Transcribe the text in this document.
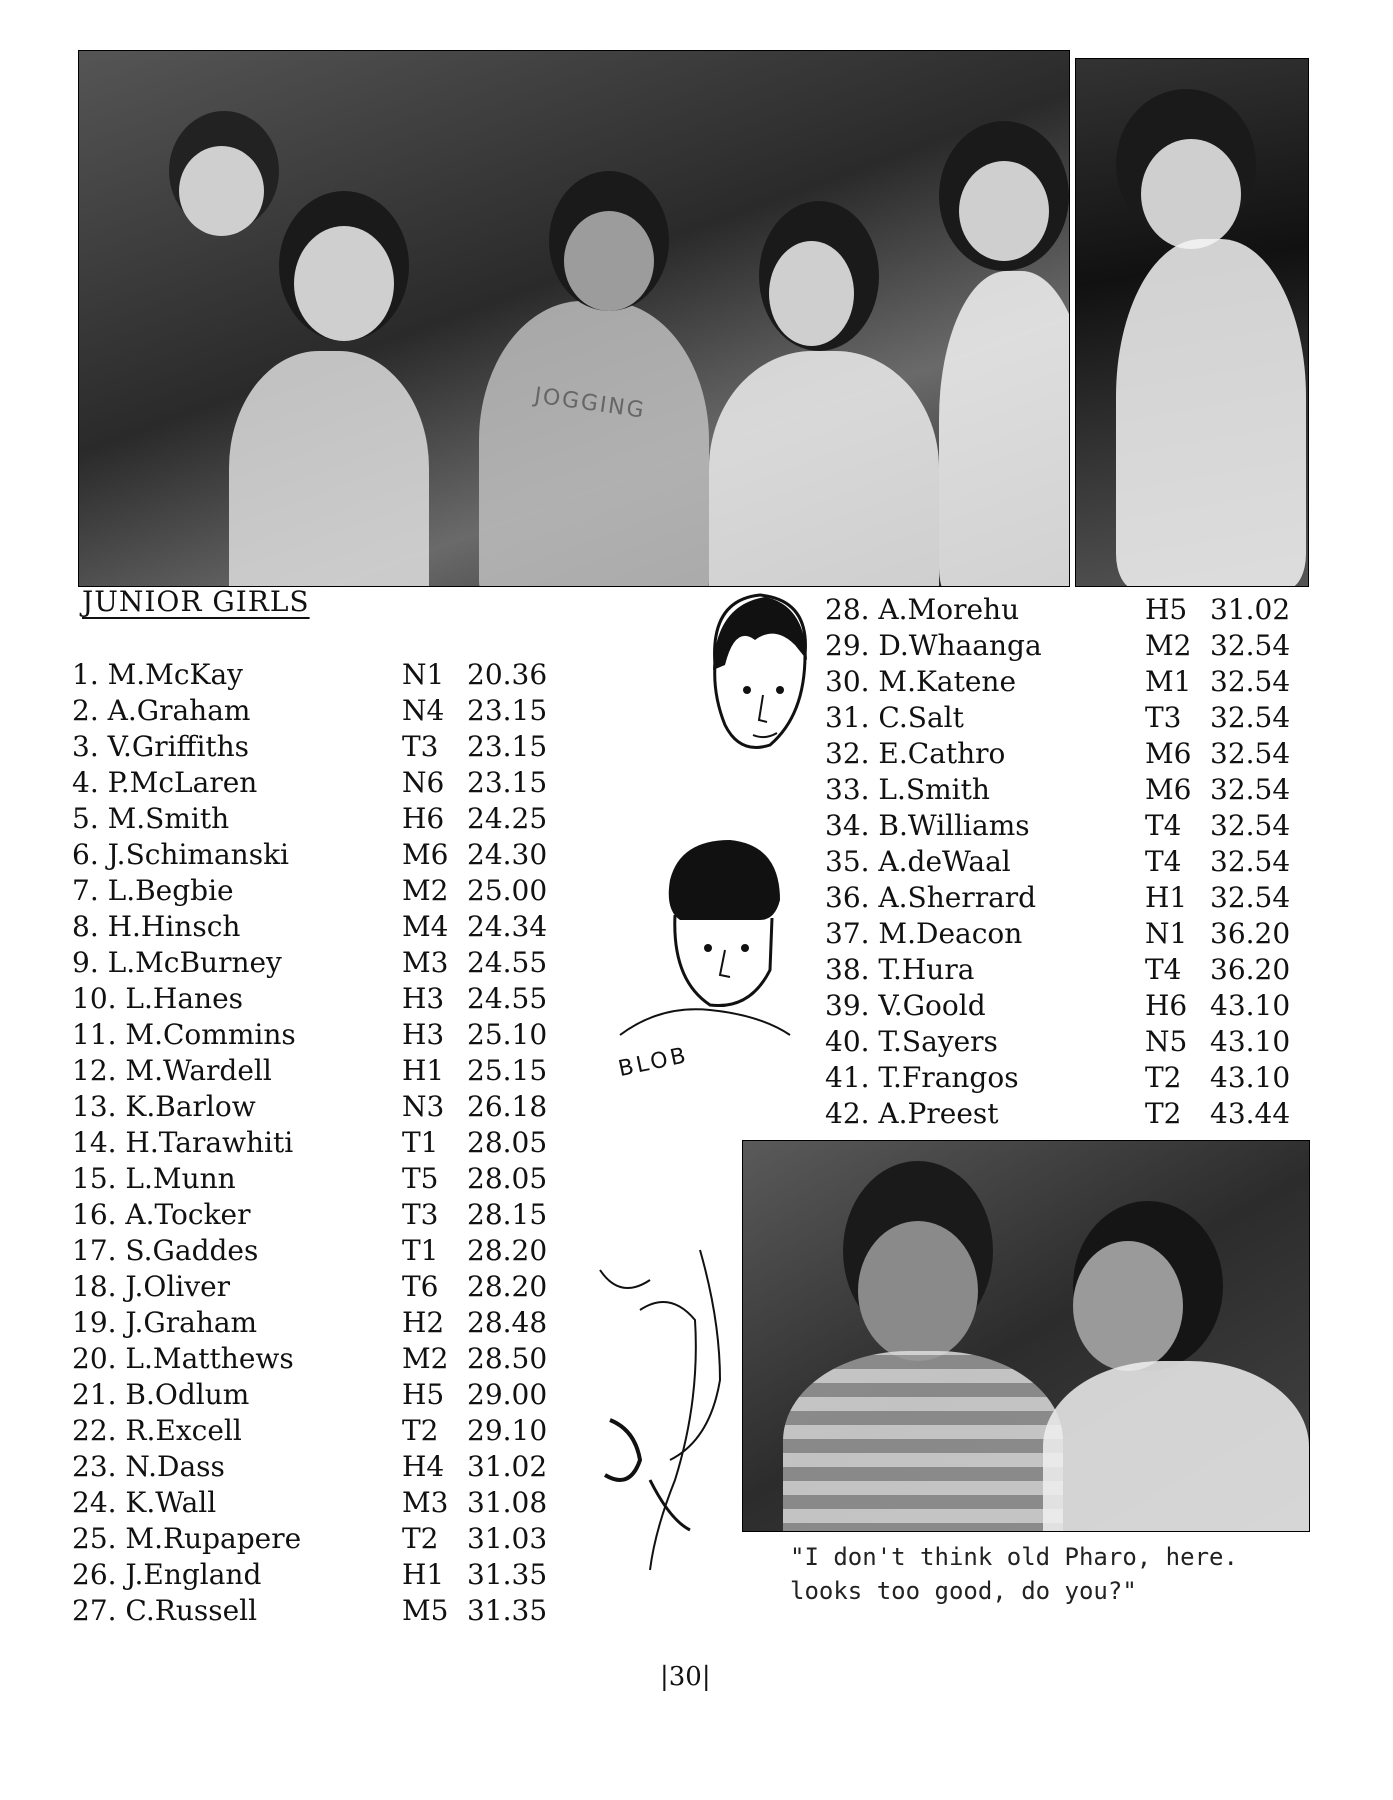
JOGGING
JUNIOR GIRLS
1. M.McKay	N1 20.36
2. A.Graham	N4 23.15
3. V.Griffiths	T3 23.15
4. P.McLaren	N6 23.15
5. M.Smith	H6 24.25
6. J.Schimanski	M6 24.30
7. L.Begbie	M2 25.00
8. H.Hinsch	M4 24.34
9. L.McBurney	M3 24.55
10. L.Hanes	H3 24.55
11. M.Commins	H3 25.10
12. M.Wardell	H1 25.15
13. K.Barlow	N3 26.18
14. H.Tarawhiti	T1 28.05
15. L.Munn	T5 28.05
16. A.Tocker	T3 28.15
17. S.Gaddes	T1 28.20
18. J.Oliver	T6 28.20
19. J.Graham	H2 28.48
20. L.Matthews	M2 28.50
21. B.Odlum	H5 29.00
22. R.Excell	T2 29.10
23. N.Dass	H4 31.02
24. K.Wall	M3 31.08
25. M.Rupapere	T2 31.03
26. J.England	H1 31.35
27. C.Russell	M5 31.35
28. A.Morehu	H5 31.02
29. D.Whaanga	M2 32.54
30. M.Katene	M1 32.54
31. C.Salt	T3 32.54
32. E.Cathro	M6 32.54
33. L.Smith	M6 32.54
34. B.Williams	T4 32.54
35. A.deWaal	T4 32.54
36. A.Sherrard	H1 32.54
37. M.Deacon	N1 36.20
38. T.Hura	T4 36.20
39. V.Goold	H6 43.10
40. T.Sayers	N5 43.10
41. T.Frangos	T2 43.10
42. A.Preest	T2 43.44
BLOB
"I don't think old Pharo, here.
looks too good, do you?"
|30|
